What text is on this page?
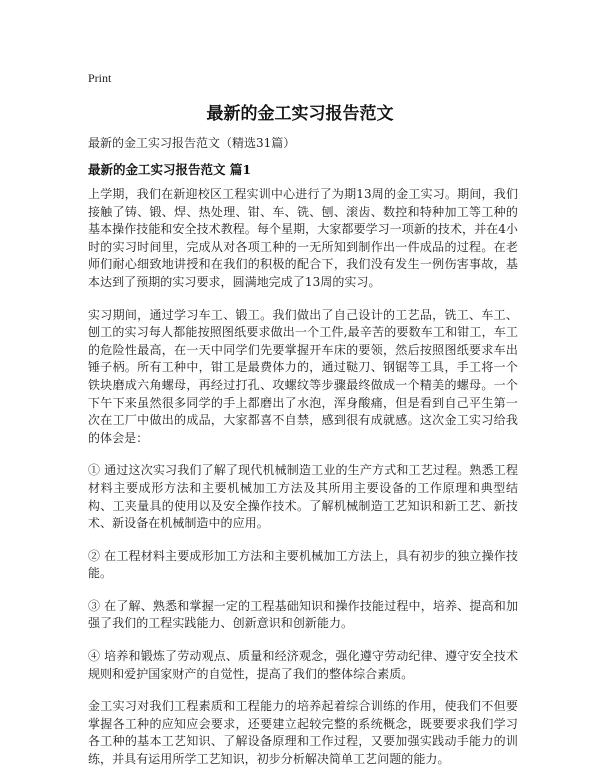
Print
最新的金工实习报告范文
最新的金工实习报告范文（精选31篇）
最新的金工实习报告范文 篇1

上学期，我们在新迎校区工程实训中心进行了为期13周的金工实习。期间，我们接触了铸、锻、焊、热处理、钳、车、铣、刨、滚齿、数控和特种加工等工种的基本操作技能和安全技术教程。每个星期，大家都要学习一项新的技术，并在4小时的实习时间里，完成从对各项工种的一无所知到制作出一件成品的过程。在老师们耐心细致地讲授和在我们的积极的配合下，我们没有发生一例伤害事故，基本达到了预期的实习要求，圆满地完成了13周的实习。

实习期间，通过学习车工、锻工。我们做出了自己设计的工艺品，铣工、车工、刨工的实习每人都能按照图纸要求做出一个工件,最辛苦的要数车工和钳工，车工的危险性最高，在一天中同学们先要掌握开车床的要领，然后按照图纸要求车出锤子柄。所有工种中，钳工是最费体力的，通过鞑刀、钢锯等工具，手工将一个铁块磨成六角螺母，再经过打孔、攻螺纹等步骤最终做成一个精美的螺母。一个下午下来虽然很多同学的手上都磨出了水泡，浑身酸痛，但是看到自己平生第一次在工厂中做出的成品，大家都喜不自禁，感到很有成就感。这次金工实习给我的体会是：

① 通过这次实习我们了解了现代机械制造工业的生产方式和工艺过程。熟悉工程材料主要成形方法和主要机械加工方法及其所用主要设备的工作原理和典型结构、工夹量具的使用以及安全操作技术。了解机械制造工艺知识和新工艺、新技术、新设备在机械制造中的应用。

② 在工程材料主要成形加工方法和主要机械加工方法上，具有初步的独立操作技能。

③ 在了解、熟悉和掌握一定的工程基础知识和操作技能过程中，培养、提高和加强了我们的工程实践能力、创新意识和创新能力。

④ 培养和锻炼了劳动观点、质量和经济观念，强化遵守劳动纪律、遵守安全技术规则和爱护国家财产的自觉性，提高了我们的整体综合素质。

金工实习对我们工程素质和工程能力的培养起着综合训练的作用，使我们不但要掌握各工种的应知应会要求，还要建立起较完整的系统概念，既要要求我们学习各工种的基本工艺知识、了解设备原理和工作过程，又要加强实践动手能力的训练，并具有运用所学工艺知识，初步分析解决简单工艺问题的能力。
